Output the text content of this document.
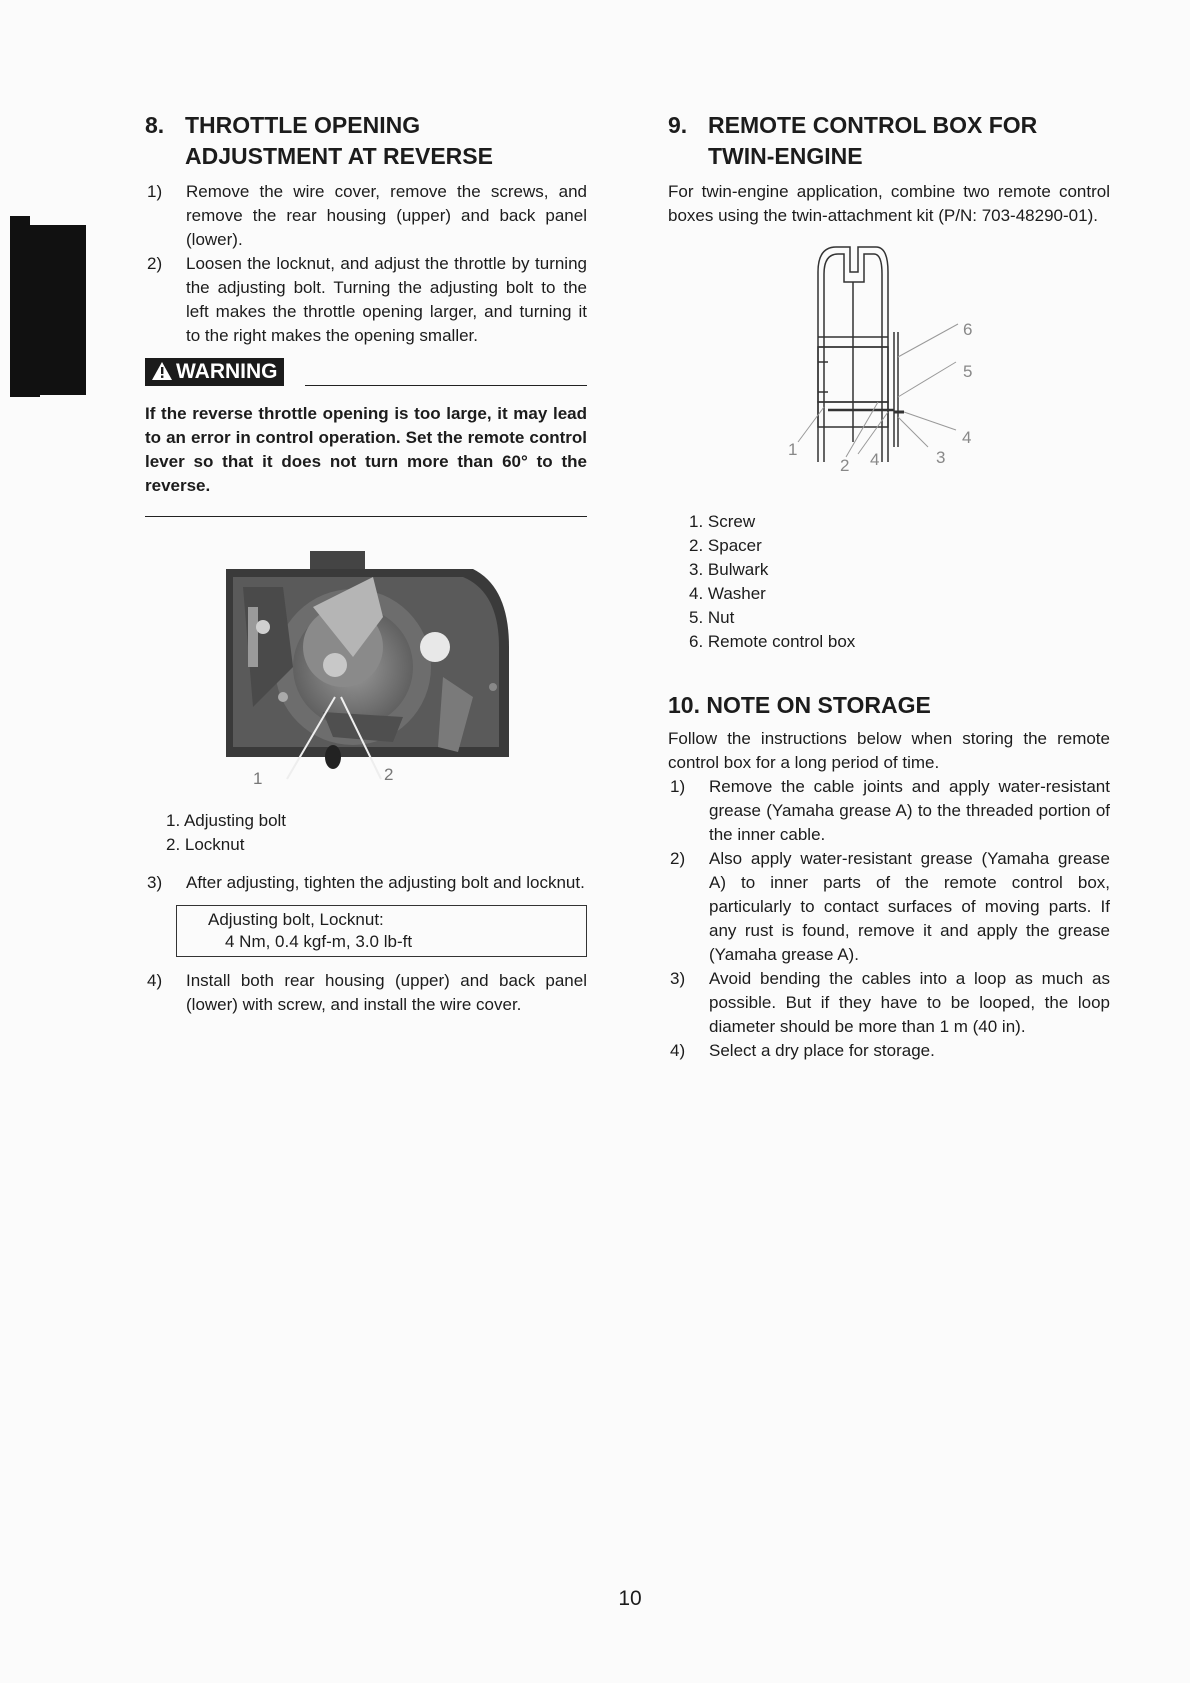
8. THROTTLE OPENING
ADJUSTMENT AT REVERSE
1) Remove the wire cover, remove the screws, and remove the rear housing (upper) and back panel (lower).
2) Loosen the locknut, and adjust the throttle by turning the adjusting bolt. Turning the adjusting bolt to the left makes the throttle opening larger, and turning it to the right makes the opening smaller.
WARNING
If the reverse throttle opening is too large, it may lead to an error in control operation. Set the remote control lever so that it does not turn more than 60° to the reverse.
1	2
1. Adjusting bolt
2. Locknut
3) After adjusting, tighten the adjusting bolt and locknut.
Adjusting bolt, Locknut:
4 Nm, 0.4 kgf-m, 3.0 lb-ft
4) Install both rear housing (upper) and back panel (lower) with screw, and install the wire cover.
9. REMOTE CONTROL BOX FOR
TWIN-ENGINE

For twin-engine application, combine two remote control boxes using the twin-attachment kit (P/N: 703-48290-01).

1
2 4	3
4
5
6
1. Screw
2. Spacer
3. Bulwark
4. Washer
5. Nut
6. Remote control box
10. NOTE ON STORAGE

Follow the instructions below when storing the remote control box for a long period of time.

1) Remove the cable joints and apply water-resistant grease (Yamaha grease A) to the threaded portion of the inner cable.
2) Also apply water-resistant grease (Yamaha grease A) to inner parts of the remote control box, particularly to contact surfaces of moving parts. If any rust is found, remove it and apply the grease (Yamaha grease A).
3) Avoid bending the cables into a loop as much as possible. But if they have to be looped, the loop diameter should be more than 1 m (40 in).
4) Select a dry place for storage.
10
